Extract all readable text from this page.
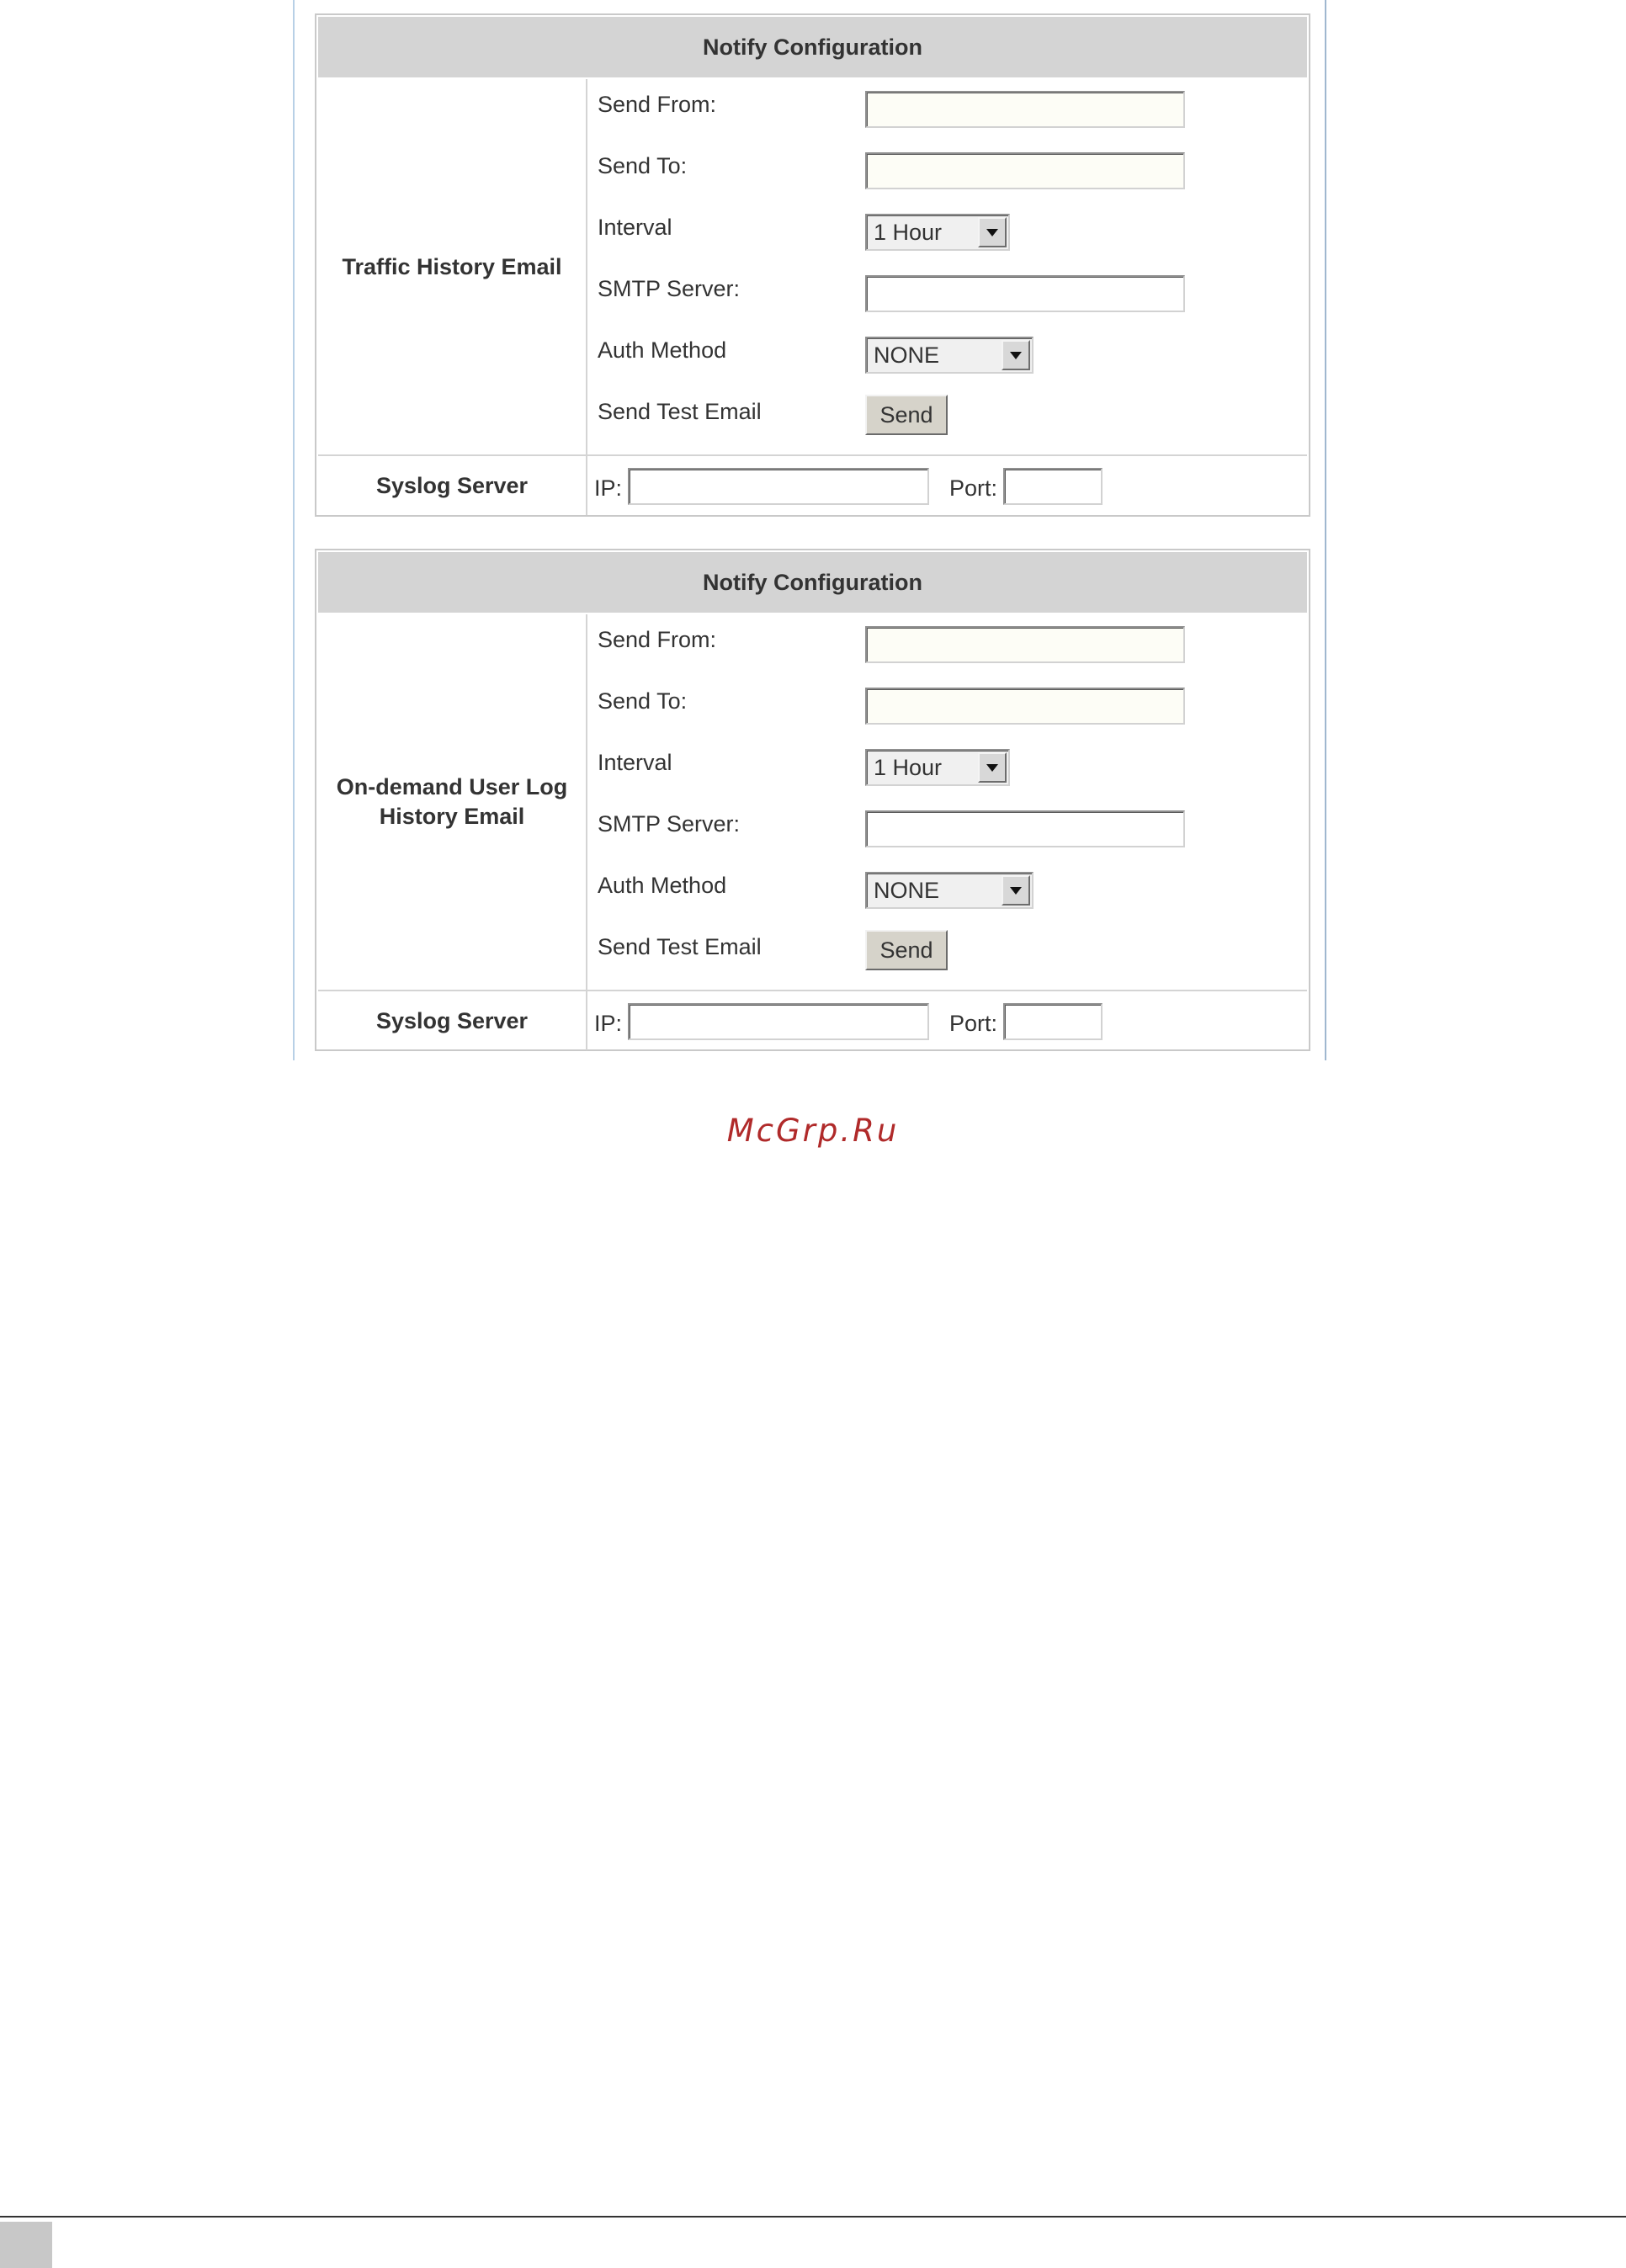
Notify Configuration
Traffic History Email
Send From:
Send To:
Interval	1 Hour
SMTP Server:
Auth Method	NONE
Send Test Email	Send
Syslog Server	IP:	Port:
Notify Configuration
On-demand User Log History Email
Send From:
Send To:
Interval	1 Hour
SMTP Server:
Auth Method	NONE
Send Test Email	Send
Syslog Server	IP:	Port:
McGrp.Ru
